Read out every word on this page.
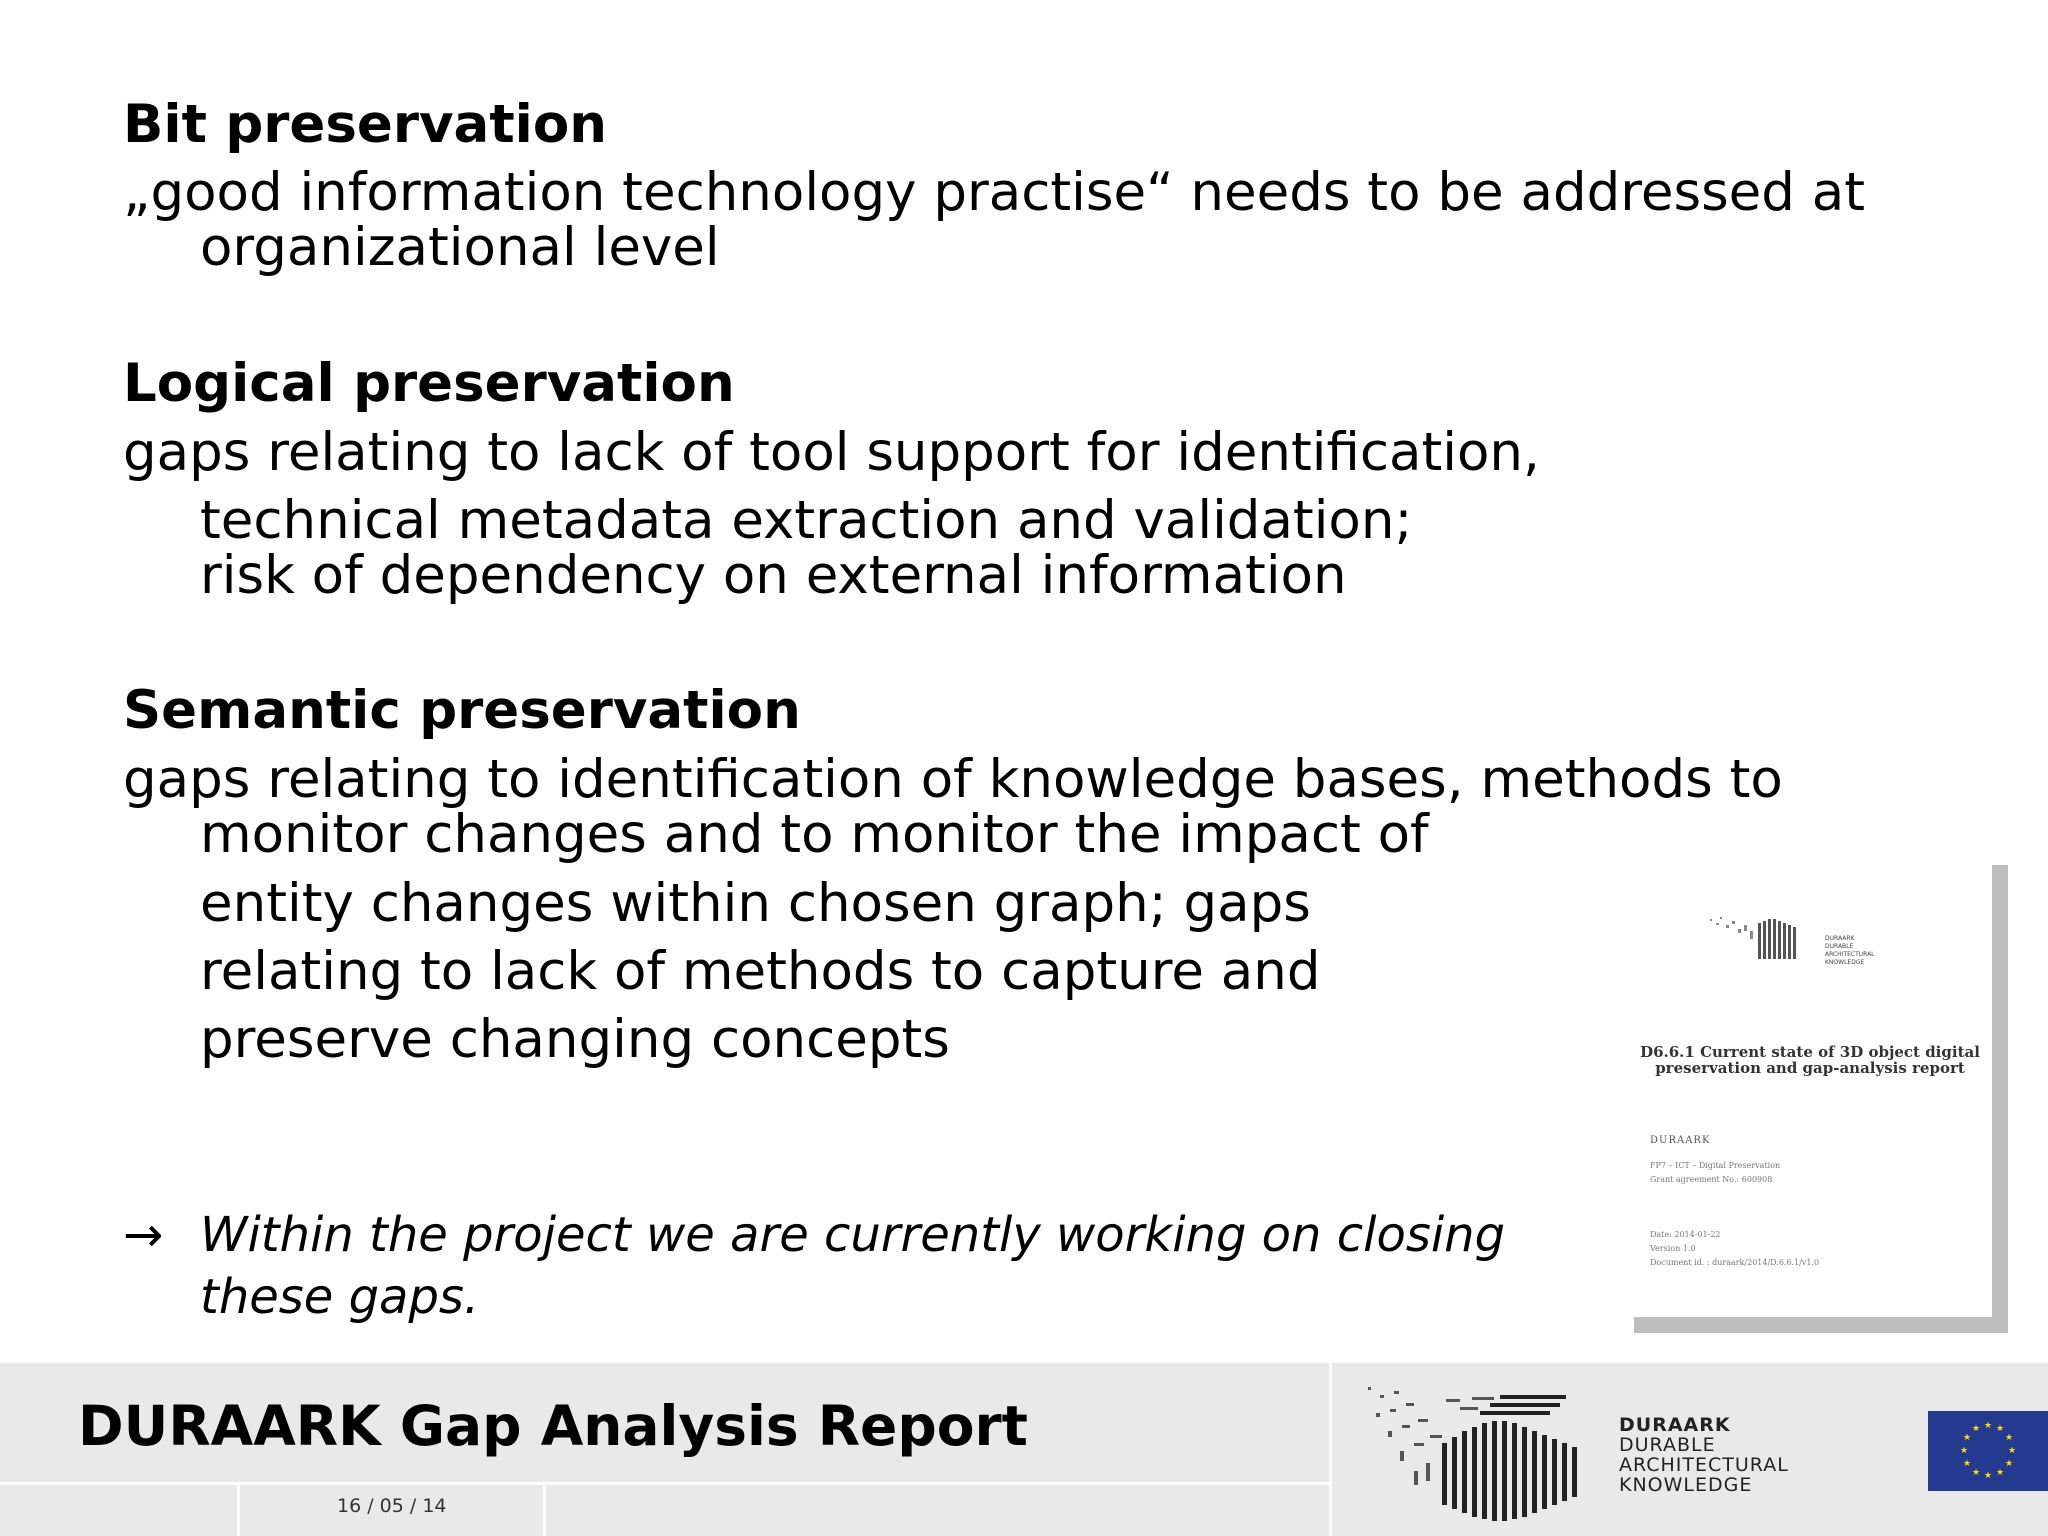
Bit preservation
„good information technology practise“ needs to be addressed at
organizational level
Logical preservation
gaps relating to lack of tool support for identification,
technical metadata extraction and validation;
risk of dependency on external information
Semantic preservation
gaps relating to identification of knowledge bases, methods to
monitor changes and to monitor the impact of
entity changes within chosen graph; gaps
relating to lack of methods to capture and
preserve changing concepts
→ Within the project we are currently working on closing
these gaps.
DURAARK
DURABLE
ARCHITECTURAL
KNOWLEDGE
D6.6.1 Current state of 3D object digital preservation and gap-analysis report
DURAARK
FP7 – ICT – Digital Preservation
Grant agreement No.: 600908
Date: 2014-01-22
Version 1.0
Document id. : duraark/2014/D.6.6.1/v1.0
DURAARK Gap Analysis Report
16 / 05 / 14
DURAARK
DURABLE
ARCHITECTURAL
KNOWLEDGE
★ ★
★
★
★
★
★
★
★
★
★
★
